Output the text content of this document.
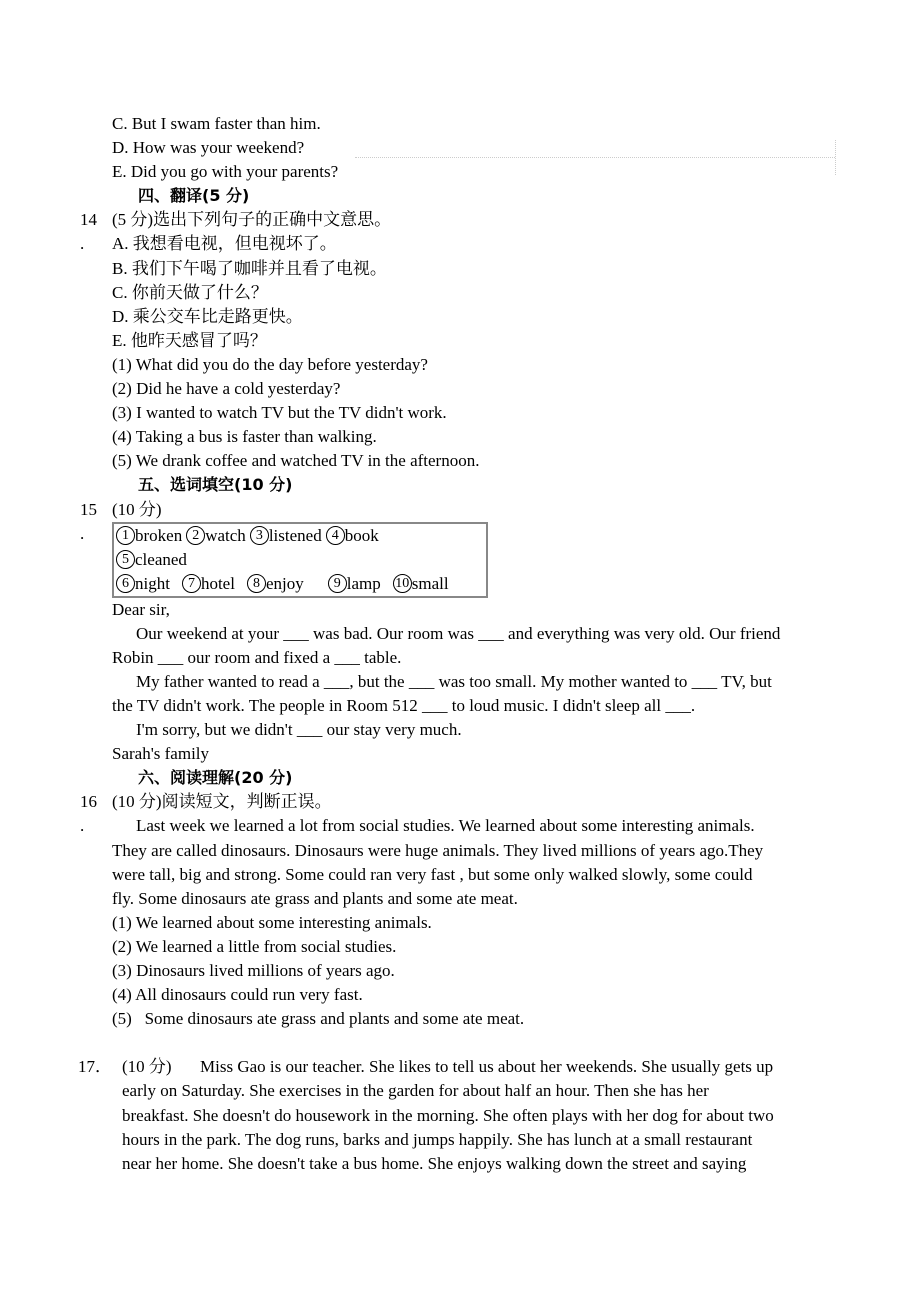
C. But I swam faster than him.
D. How was your weekend?
E. Did you go with your parents?
四、翻译(5 分)
14
.
(5 分)选出下列句子的正确中文意思。
A. 我想看电视，但电视坏了。
B. 我们下午喝了咖啡并且看了电视。
C. 你前天做了什么？
D. 乘公交车比走路更快。
E. 他昨天感冒了吗？
(1) What did you do the day before yesterday?
(2) Did he have a cold yesterday?
(3) I wanted to watch TV but the TV didn't work.
(4) Taking a bus is faster than walking.
(5) We drank coffee and watched TV in the afternoon.
五、选词填空(10 分)
15
.
(10 分)
1 broken 2 watch 3 listened 4 book
5 cleaned
6 night 7 hotel 8 enjoy 9 lamp 10 small
Dear sir,
Our weekend at your ___ was bad. Our room was ___ and everything was very old. Our friend
Robin ___ our room and fixed a ___ table.
My father wanted to read a ___, but the ___ was too small. My mother wanted to ___ TV, but
the TV didn't work. The people in Room 512 ___ to loud music. I didn't sleep all ___.
I'm sorry, but we didn't ___ our stay very much.
Sarah's family
六、阅读理解(20 分)
16
.
(10 分)阅读短文，判断正误。
Last week we learned a lot from social studies. We learned about some interesting animals.
They are called dinosaurs. Dinosaurs were huge animals. They lived millions of years ago.They
were tall, big and strong. Some could ran very fast , but some only walked slowly, some could
fly. Some dinosaurs ate grass and plants and some ate meat.
(1) We learned about some interesting animals.
(2) We learned a little from social studies.
(3) Dinosaurs lived millions of years ago.
(4) All dinosaurs could run very fast.
(5)   Some dinosaurs ate grass and plants and some ate meat.
17． (10 分) Miss Gao is our teacher. She likes to tell us about her weekends. She usually gets up
early on Saturday. She exercises in the garden for about half an hour. Then she has her
breakfast. She doesn't do housework in the morning. She often plays with her dog for about two
hours in the park. The dog runs, barks and jumps happily. She has lunch at a small restaurant
near her home. She doesn't take a bus home. She enjoys walking down the street and saying
